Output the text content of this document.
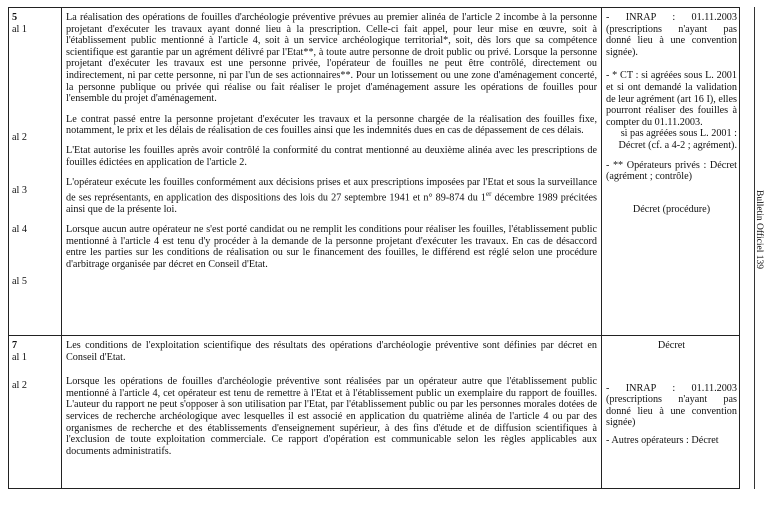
5
al 1
al 2
al 3
al 4
al 5

La réalisation des opérations de fouilles d'archéologie préventive prévues au premier alinéa de l'article 2 incombe à la personne projetant d'exécuter les travaux ayant donné lieu à la prescription. Celle-ci fait appel, pour leur mise en œuvre, soit à l'établissement public mentionné à l'article 4, soit à un service archéologique territorial*, soit, dès lors que sa compétence scientifique est garantie par un agrément délivré par l'Etat**, à toute autre personne de droit public ou privé. Lorsque la personne projetant d'exécuter les travaux est une personne privée, l'opérateur de fouilles ne peut être contrôlé, directement ou indirectement, ni par cette personne, ni par l'un de ses actionnaires**. Pour un lotissement ou une zone d'aménagement concerté, la personne publique ou privée qui réalise ou fait réaliser le projet d'aménagement assure les opérations de fouilles pour l'ensemble du projet d'aménagement.

Le contrat passé entre la personne projetant d'exécuter les travaux et la personne chargée de la réalisation des fouilles fixe, notamment, le prix et les délais de réalisation de ces fouilles ainsi que les indemnités dues en cas de dépassement de ces délais.

L'Etat autorise les fouilles après avoir contrôlé la conformité du contrat mentionné au deuxième alinéa avec les prescriptions de fouilles édictées en application de l'article 2.

L'opérateur exécute les fouilles conformément aux décisions prises et aux prescriptions imposées par l'Etat et sous la surveillance de ses représentants, en application des dispositions des lois du 27 septembre 1941 et n° 89-874 du 1er décembre 1989 précitées ainsi que de la présente loi.

Lorsque aucun autre opérateur ne s'est porté candidat ou ne remplit les conditions pour réaliser les fouilles, l'établissement public mentionné à l'article 4 est tenu d'y procéder à la demande de la personne projetant d'exécuter les travaux. En cas de désaccord entre les parties sur les conditions de réalisation ou sur le financement des fouilles, le différend est réglé selon une procédure d'arbitrage organisée par décret en Conseil d'Etat.

- INRAP : 01.11.2003 (prescriptions n'ayant pas donné lieu à une convention signée).

- * CT : si agréées sous L. 2001 et si ont demandé la validation de leur agrément (art 16 I), elles pourront réaliser des fouilles à compter du 01.11.2003.

si pas agréées sous L. 2001 : Décret (cf. a 4-2 ; agrément).

- ** Opérateurs privés : Décret (agrément ; contrôle)

Décret (procédure)

7
al 1
al 2

Les conditions de l'exploitation scientifique des résultats des opérations d'archéologie préventive sont définies par décret en Conseil d'Etat.

Lorsque les opérations de fouilles d'archéologie préventive sont réalisées par un opérateur autre que l'établissement public mentionné à l'article 4, cet opérateur est tenu de remettre à l'Etat et à l'établissement public un exemplaire du rapport de fouilles. L'auteur du rapport ne peut s'opposer à son utilisation par l'Etat, par l'établissement public ou par les personnes morales dotées de services de recherche archéologique avec lesquelles il est associé en application du quatrième alinéa de l'article 4 ou par des organismes de recherche et des établissements d'enseignement supérieur, à des fins d'étude et de diffusion scientifiques à l'exclusion de toute exploitation commerciale. Ce rapport d'opération est communicable selon les règles applicables aux documents administratifs.

Décret

- INRAP : 01.11.2003 (prescriptions n'ayant pas donné lieu à une convention signée)

- Autres opérateurs : Décret

Bulletin Officiel 139
